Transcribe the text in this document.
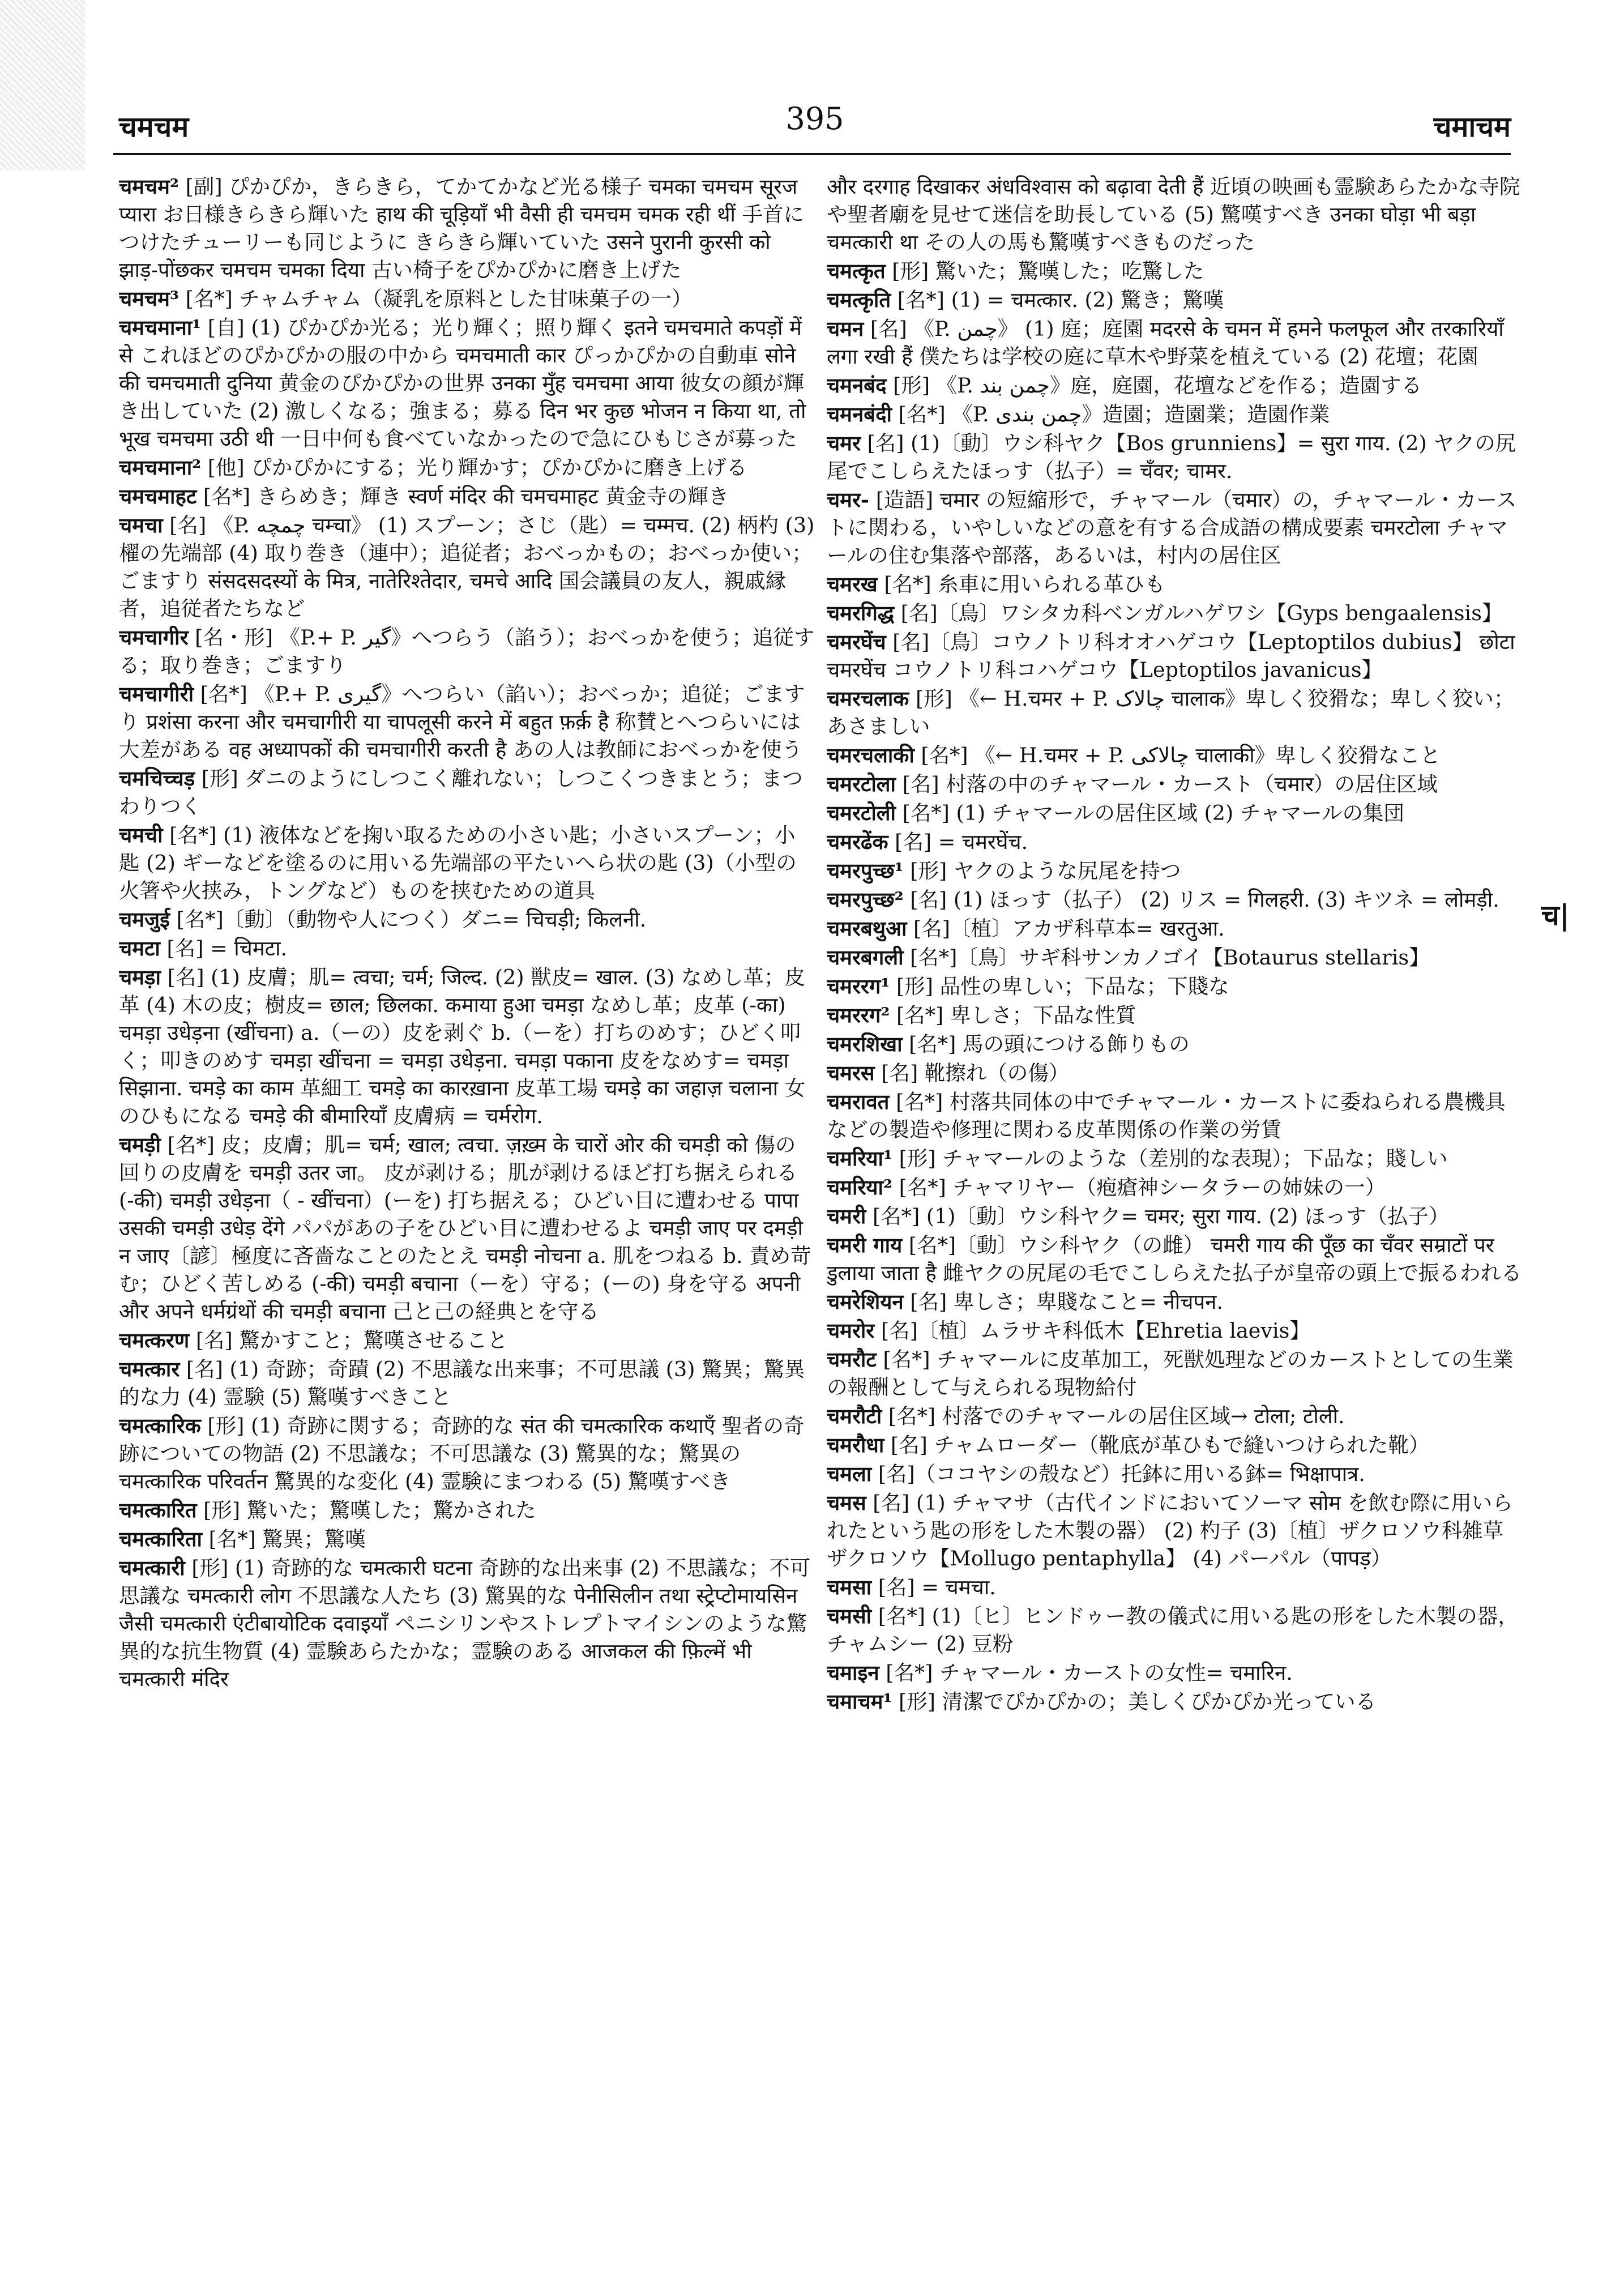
चमचम	395	चमाचम

चमचम² [副] ぴかぴか，きらきら，てかてかなど光る様子 चमका चमचम सूरज प्यारा お日様きらきら輝いた हाथ की चूड़ियाँ भी वैसी ही चमचम चमक रही थीं 手首につけたチューリーも同じように きらきら輝いていた उसने पुरानी कुरसी को झाड़-पोंछकर चमचम चमका दिया 古い椅子をぴかぴかに磨き上げた

चमचम³ [名*] チャムチャム（凝乳を原料とした甘味菓子の一）

चमचमाना¹ [自] (1) ぴかぴか光る；光り輝く；照り輝く इतने चमचमाते कपड़ों में से これほどのぴかぴかの服の中から चमचमाती कार ぴっかぴかの自動車 सोने की चमचमाती दुनिया 黄金のぴかぴかの世界 उनका मुँह चमचमा आया 彼女の顔が輝き出していた (2) 激しくなる；強まる；募る दिन भर कुछ भोजन न किया था, तो भूख चमचमा उठी थी 一日中何も食べていなかったので急にひもじさが募った

चमचमाना² [他] ぴかぴかにする；光り輝かす；ぴかぴかに磨き上げる

चमचमाहट [名*] きらめき；輝き स्वर्ण मंदिर की चमचमाहट 黄金寺の輝き

चमचा [名] 《P. چمچه चम्चा》 (1) スプーン；さじ（匙）= चम्मच. (2) 柄杓 (3) 櫂の先端部 (4) 取り巻き（連中）；追従者；おべっかもの；おべっか使い；ごますり संसदसदस्यों के मित्र, नातेरिश्तेदार, चमचे आदि 国会議員の友人，親戚縁者，追従者たちなど

चमचागीर [名・形] 《P.+ P. گیر》へつらう（諂う）；おべっかを使う；追従する；取り巻き；ごますり

चमचागीरी [名*] 《P.+ P. گیری》へつらい（諂い）；おべっか；追従；ごますり प्रशंसा करना और चमचागीरी या चापलूसी करने में बहुत फ़र्क़ है 称賛とへつらいには大差がある वह अध्यापकों की चमचागीरी करती है あの人は教師におべっかを使う

चमचिच्चड़ [形] ダニのようにしつこく離れない；しつこくつきまとう；まつわりつく

चमची [名*] (1) 液体などを掬い取るための小さい匙；小さいスプーン；小匙 (2) ギーなどを塗るのに用いる先端部の平たいへら状の匙 (3)（小型の火箸や火挟み，トングなど）ものを挟むための道具

चमजुई [名*]〔動〕（動物や人につく）ダニ= चिचड़ी; किलनी.

चमटा [名] = चिमटा.

चमड़ा [名] (1) 皮膚；肌= त्वचा; चर्म; जिल्द. (2) 獣皮= खाल. (3) なめし革；皮革 (4) 木の皮；樹皮= छाल; छिलका. कमाया हुआ चमड़ा なめし革；皮革 (-का) चमड़ा उधेड़ना (खींचना) a.（ーの）皮を剥ぐ b.（ーを）打ちのめす；ひどく叩く；叩きのめす चमड़ा खींचना = चमड़ा उधेड़ना. चमड़ा पकाना 皮をなめす= चमड़ा सिझाना. चमड़े का काम 革細工 चमड़े का कारख़ाना 皮革工場 चमड़े का जहाज़ चलाना 女のひもになる चमड़े की बीमारियाँ 皮膚病 = चर्मरोग.

चमड़ी [名*] 皮；皮膚；肌= चर्म; खाल; त्वचा. ज़ख़्म के चारों ओर की चमड़ी को 傷の回りの皮膚を चमड़ी उतर जा。 皮が剥ける；肌が剥けるほど打ち据えられる (-की) चमड़ी उधेड़ना（ - खींचना）(ーを) 打ち据える；ひどい目に遭わせる पापा उसकी चमड़ी उधेड़ देंगे パパがあの子をひどい目に遭わせるよ चमड़ी जाए पर दमड़ी न जाए〔諺〕極度に吝嗇なことのたとえ चमड़ी नोचना a. 肌をつねる b. 責め苛む；ひどく苦しめる (-की) चमड़ी बचाना（ーを）守る；(ーの) 身を守る अपनी और अपने धर्मग्रंथों की चमड़ी बचाना 己と己の経典とを守る

चमत्करण [名] 驚かすこと；驚嘆させること

चमत्कार [名] (1) 奇跡；奇蹟 (2) 不思議な出来事；不可思議 (3) 驚異；驚異的な力 (4) 霊験 (5) 驚嘆すべきこと

चमत्कारिक [形] (1) 奇跡に関する；奇跡的な संत की चमत्कारिक कथाएँ 聖者の奇跡についての物語 (2) 不思議な；不可思議な (3) 驚異的な；驚異の चमत्कारिक परिवर्तन 驚異的な変化 (4) 霊験にまつわる (5) 驚嘆すべき

चमत्कारित [形] 驚いた；驚嘆した；驚かされた

चमत्कारिता [名*] 驚異；驚嘆

चमत्कारी [形] (1) 奇跡的な चमत्कारी घटना 奇跡的な出来事 (2) 不思議な；不可思議な चमत्कारी लोग 不思議な人たち (3) 驚異的な पेनीसिलीन तथा स्ट्रेप्टोमायसिन जैसी चमत्कारी एंटीबायोटिक दवाइयाँ ペニシリンやストレプトマイシンのような驚異的な抗生物質 (4) 霊験あらたかな；霊験のある आजकल की फ़िल्में भी चमत्कारी मंदिर

और दरगाह दिखाकर अंधविश्वास को बढ़ावा देती हैं 近頃の映画も霊験あらたかな寺院や聖者廟を見せて迷信を助長している (5) 驚嘆すべき उनका घोड़ा भी बड़ा चमत्कारी था その人の馬も驚嘆すべきものだった

चमत्कृत [形] 驚いた；驚嘆した；吃驚した

चमत्कृति [名*] (1) = चमत्कार. (2) 驚き；驚嘆

चमन [名] 《P. چمن》 (1) 庭；庭園 मदरसे के चमन में हमने फलफूल और तरकारियाँ लगा रखी हैं 僕たちは学校の庭に草木や野菜を植えている (2) 花壇；花園

चमनबंद [形] 《P. چمن بند》庭，庭園，花壇などを作る；造園する

चमनबंदी [名*] 《P. چمن بندی》造園；造園業；造園作業

चमर [名] (1)〔動〕ウシ科ヤク【Bos grunniens】= सुरा गाय. (2) ヤクの尻尾でこしらえたほっす（払子）= चँवर; चामर.

चमर- [造語] चमार の短縮形で，チャマール（चमार）の，チャマール・カーストに関わる，いやしいなどの意を有する合成語の構成要素 चमरटोला チャマールの住む集落や部落，あるいは，村内の居住区

चमरख [名*] 糸車に用いられる革ひも

चमरगिद्ध [名]〔鳥〕ワシタカ科ベンガルハゲワシ【Gyps bengaalensis】

चमरघेंच [名]〔鳥〕コウノトリ科オオハゲコウ【Leptoptilos dubius】 छोटा चमरघेंच コウノトリ科コハゲコウ【Leptoptilos javanicus】

चमरचलाक [形] 《← H.चमर + P. چالاک चालाक》卑しく狡猾な；卑しく狡い；あさましい

चमरचलाकी [名*] 《← H.चमर + P. چالاکی चालाकी》卑しく狡猾なこと

चमरटोला [名] 村落の中のチャマール・カースト（चमार）の居住区域

चमरटोली [名*] (1) チャマールの居住区域 (2) チャマールの集団

चमरढेंक [名] = चमरघेंच.

चमरपुच्छ¹ [形] ヤクのような尻尾を持つ

चमरपुच्छ² [名] (1) ほっす（払子） (2) リス = गिलहरी. (3) キツネ = लोमड़ी.

चमरबथुआ [名]〔植〕アカザ科草本= खरतुआ.

चमरबगली [名*]〔鳥〕サギ科サンカノゴイ【Botaurus stellaris】

चमररग¹ [形] 品性の卑しい；下品な；下賤な

चमररग² [名*] 卑しさ；下品な性質

चमरशिखा [名*] 馬の頭につける飾りもの

चमरस [名] 靴擦れ（の傷）

चमरावत [名*] 村落共同体の中でチャマール・カーストに委ねられる農機具などの製造や修理に関わる皮革関係の作業の労賃

चमरिया¹ [形] チャマールのような（差別的な表現）；下品な；賤しい

चमरिया² [名*] チャマリヤー（疱瘡神シータラーの姉妹の一）

चमरी [名*] (1)〔動〕ウシ科ヤク= चमर; सुरा गाय. (2) ほっす（払子）

चमरी गाय [名*]〔動〕ウシ科ヤク（の雌） चमरी गाय की पूँछ का चँवर सम्राटों पर डुलाया जाता है 雌ヤクの尻尾の毛でこしらえた払子が皇帝の頭上で振るわれる

चमरेशियन [名] 卑しさ；卑賤なこと= नीचपन.

चमरोर [名]〔植〕ムラサキ科低木【Ehretia laevis】

चमरौट [名*] チャマールに皮革加工，死獣処理などのカーストとしての生業の報酬として与えられる現物給付

चमरौटी [名*] 村落でのチャマールの居住区域→ टोला; टोली.

चमरौधा [名] チャムローダー（靴底が革ひもで縫いつけられた靴）

चमला [名]（ココヤシの殻など）托鉢に用いる鉢= भिक्षापात्र.

चमस [名] (1) チャマサ（古代インドにおいてソーマ सोम を飲む際に用いられたという匙の形をした木製の器） (2) 杓子 (3)〔植〕ザクロソウ科雑草ザクロソウ【Mollugo pentaphylla】 (4) パーパル（पापड़）

चमसा [名] = चमचा.

चमसी [名*] (1)〔ヒ〕ヒンドゥー教の儀式に用いる匙の形をした木製の器，チャムシー (2) 豆粉

चमाइन [名*] チャマール・カーストの女性= चमारिन.

चमाचम¹ [形] 清潔でぴかぴかの；美しくぴかぴか光っている

च|
